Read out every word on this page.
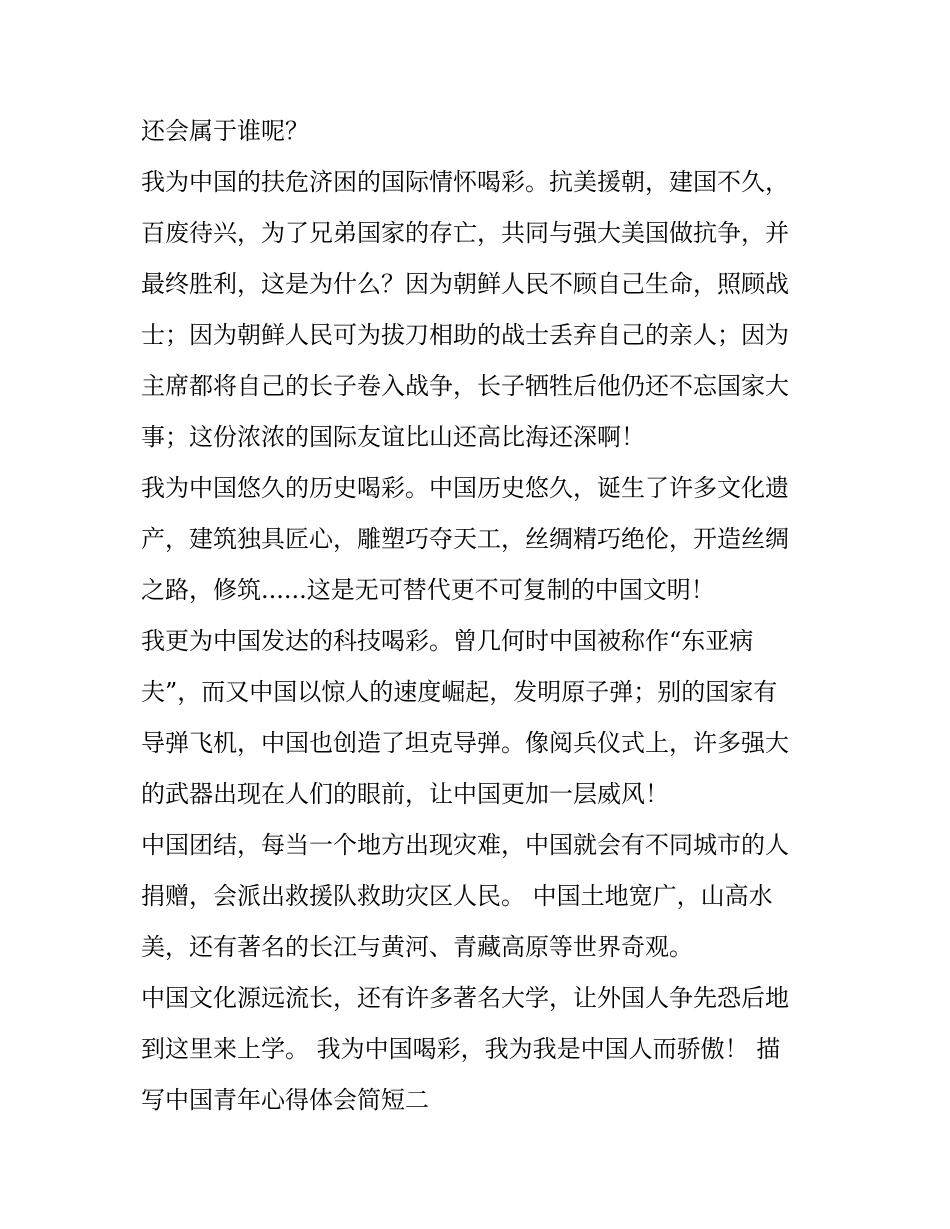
还会属于谁呢？
我为中国的扶危济困的国际情怀喝彩。抗美援朝，建国不久，
百废待兴，为了兄弟国家的存亡，共同与强大美国做抗争，并
最终胜利，这是为什么？因为朝鲜人民不顾自己生命，照顾战
士；因为朝鲜人民可为拔刀相助的战士丢弃自己的亲人；因为
主席都将自己的长子卷入战争，长子牺牲后他仍还不忘国家大
事；这份浓浓的国际友谊比山还高比海还深啊！
我为中国悠久的历史喝彩。中国历史悠久，诞生了许多文化遗
产，建筑独具匠心，雕塑巧夺天工，丝绸精巧绝伦，开造丝绸
之路，修筑......这是无可替代更不可复制的中国文明！
我更为中国发达的科技喝彩。曾几何时中国被称作“东亚病
夫”，而又中国以惊人的速度崛起，发明原子弹；别的国家有
导弹飞机，中国也创造了坦克导弹。像阅兵仪式上，许多强大
的武器出现在人们的眼前，让中国更加一层威风！
中国团结，每当一个地方出现灾难，中国就会有不同城市的人
捐赠，会派出救援队救助灾区人民。 中国土地宽广，山高水
美，还有著名的长江与黄河、青藏高原等世界奇观。
中国文化源远流长，还有许多著名大学，让外国人争先恐后地
到这里来上学。 我为中国喝彩，我为我是中国人而骄傲！ 描
写中国青年心得体会简短二
